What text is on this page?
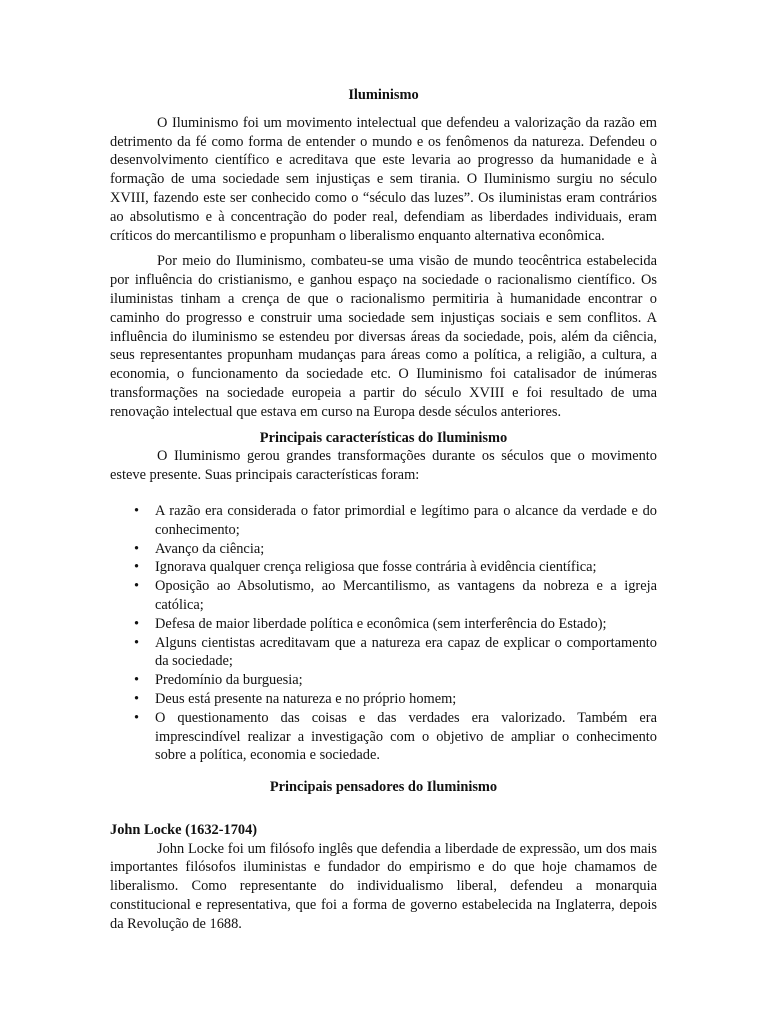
Iluminismo

O Iluminismo foi um movimento intelectual que defendeu a valorização da razão em detrimento da fé como forma de entender o mundo e os fenômenos da natureza. Defendeu o desenvolvimento científico e acreditava que este levaria ao progresso da humanidade e à formação de uma sociedade sem injustiças e sem tirania. O Iluminismo surgiu no século XVIII, fazendo este ser conhecido como o “século das luzes”. Os iluministas eram contrários ao absolutismo e à concentração do poder real, defendiam as liberdades individuais, eram críticos do mercantilismo e propunham o liberalismo enquanto alternativa econômica.

Por meio do Iluminismo, combateu-se uma visão de mundo teocêntrica estabelecida por influência do cristianismo, e ganhou espaço na sociedade o racionalismo científico. Os iluministas tinham a crença de que o racionalismo permitiria à humanidade encontrar o caminho do progresso e construir uma sociedade sem injustiças sociais e sem conflitos. A influência do iluminismo se estendeu por diversas áreas da sociedade, pois, além da ciência, seus representantes propunham mudanças para áreas como a política, a religião, a cultura, a economia, o funcionamento da sociedade etc. O Iluminismo foi catalisador de inúmeras transformações na sociedade europeia a partir do século XVIII e foi resultado de uma renovação intelectual que estava em curso na Europa desde séculos anteriores.

Principais características do Iluminismo

O Iluminismo gerou grandes transformações durante os séculos que o movimento esteve presente. Suas principais características foram:

• A razão era considerada o fator primordial e legítimo para o alcance da verdade e do conhecimento;
• Avanço da ciência;
• Ignorava qualquer crença religiosa que fosse contrária à evidência científica;
• Oposição ao Absolutismo, ao Mercantilismo, as vantagens da nobreza e a igreja católica;
• Defesa de maior liberdade política e econômica (sem interferência do Estado);
• Alguns cientistas acreditavam que a natureza era capaz de explicar o comportamento da sociedade;
• Predomínio da burguesia;
• Deus está presente na natureza e no próprio homem;
• O questionamento das coisas e das verdades era valorizado. Também era imprescindível realizar a investigação com o objetivo de ampliar o conhecimento sobre a política, economia e sociedade.
Principais pensadores do Iluminismo
John Locke (1632-1704)

John Locke foi um filósofo inglês que defendia a liberdade de expressão, um dos mais importantes filósofos iluministas e fundador do empirismo e do que hoje chamamos de liberalismo. Como representante do individualismo liberal, defendeu a monarquia constitucional e representativa, que foi a forma de governo estabelecida na Inglaterra, depois da Revolução de 1688.
